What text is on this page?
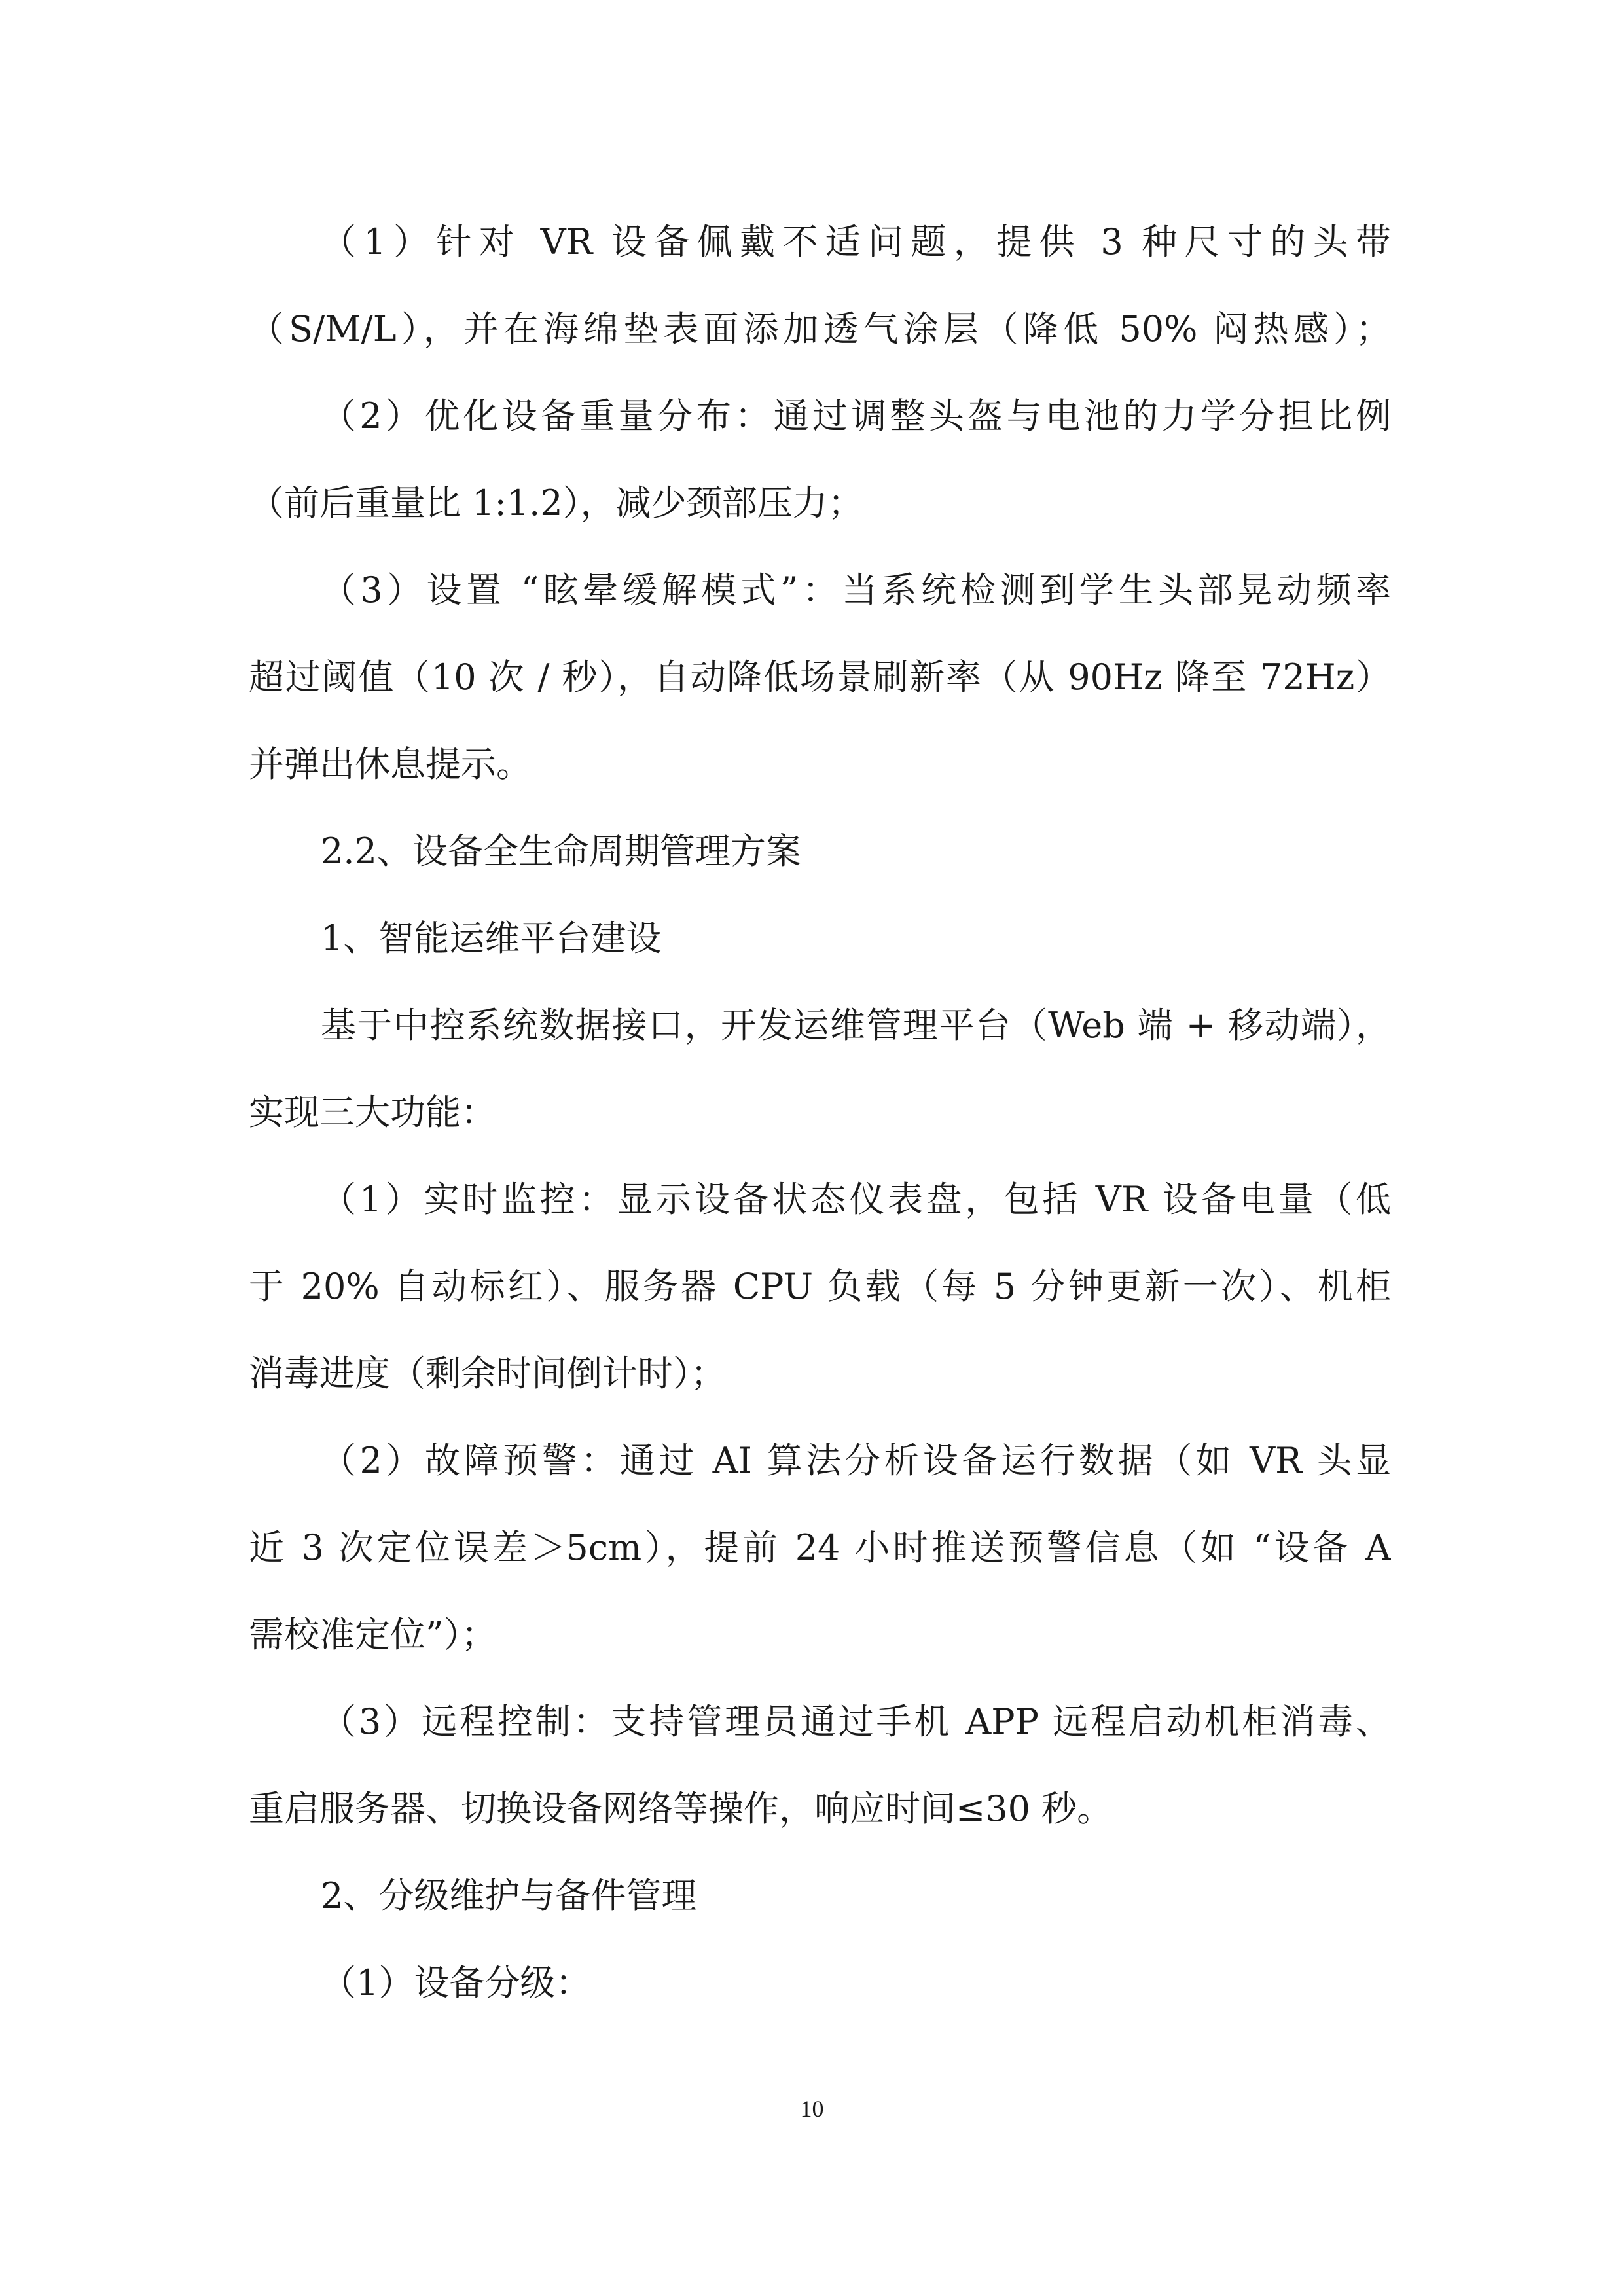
（1）针对 VR 设备佩戴不适问题，提供 3 种尺寸的头带
（S/M/L），并在海绵垫表面添加透气涂层（降低 50% 闷热感）；
（2）优化设备重量分布：通过调整头盔与电池的力学分担比例
（前后重量比 1:1.2），减少颈部压力；
（3）设置 “眩晕缓解模式”：当系统检测到学生头部晃动频率
超过阈值（10 次 / 秒），自动降低场景刷新率（从 90Hz 降至 72Hz）
并弹出休息提示。
2.2、设备全生命周期管理方案
1、智能运维平台建设
基于中控系统数据接口，开发运维管理平台（Web 端 + 移动端），
实现三大功能：
（1）实时监控：显示设备状态仪表盘，包括 VR 设备电量（低
于 20% 自动标红）、服务器 CPU 负载（每 5 分钟更新一次）、机柜
消毒进度（剩余时间倒计时）；
（2）故障预警：通过 AI 算法分析设备运行数据（如 VR 头显
近 3 次定位误差＞5cm），提前 24 小时推送预警信息（如 “设备 A
需校准定位”）；
（3）远程控制：支持管理员通过手机 APP 远程启动机柜消毒、
重启服务器、切换设备网络等操作，响应时间≤30 秒。
2、分级维护与备件管理
（1）设备分级：
10
